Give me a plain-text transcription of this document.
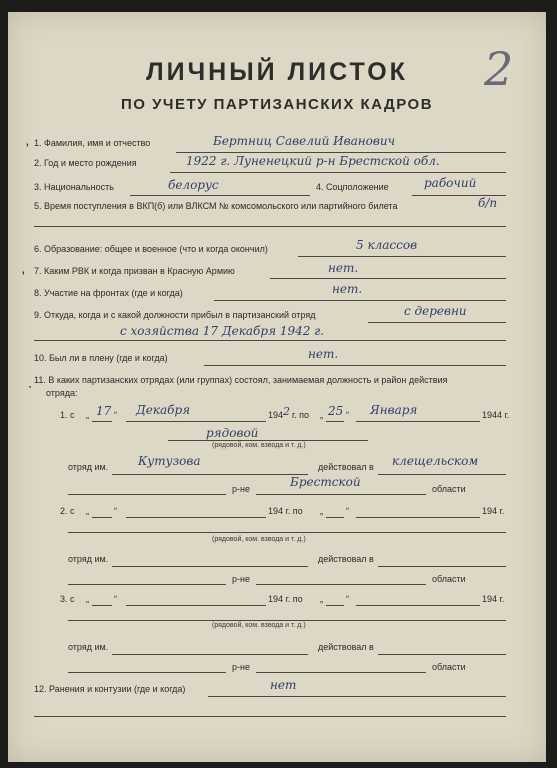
2
ЛИЧНЫЙ ЛИСТОК
ПО УЧЕТУ ПАРТИЗАНСКИХ КАДРОВ
'
ʹ
ˎ
1. Фамилия, имя и отчество	Бертниц Савелий Иванович
2. Год и место рождения	1922 г. Луненецкий р-н Брестской обл.
3. Национальность	белорус	4. Соцположение	рабочий
5. Время поступления в ВКП(б) или ВЛКСМ № комсомольского или партийного билета	б/п
6. Образование: общее и военное (что и когда окончил)	5 классов
7. Каким РВК и когда призван в Красную Армию	нет.
8. Участие на фронтах (где и когда)	нет.
9. Откуда, когда и с какой должности прибыл в партизанский отряд	с деревни
с хозяйства 17 Декабря 1942 г.
10. Был ли в плену (где и когда)	нет.
11. В каких партизанских отрядах (или группах) состоял, занимаемая должность и район действия
отряда:
1. с „ 17 “ Декабря	194 2 г. по „ 25 “ Января	1944 г.
рядовой
(рядовой, ком. взвода и т. д.)
отряд им. Кутузова	действовал в клещельском
р-не	Брестской	области
2. с „	“	194 г. по „	“	194 г.
(рядовой, ком. взвода и т. д.)
отряд им.	действовал в
р-не	области
3. с „	“	194 г. по „	“	194 г.
(рядовой, ком. взвода и т. д.)
отряд им.	действовал в
р-не	области
12. Ранения и контузии (где и когда)	нет
